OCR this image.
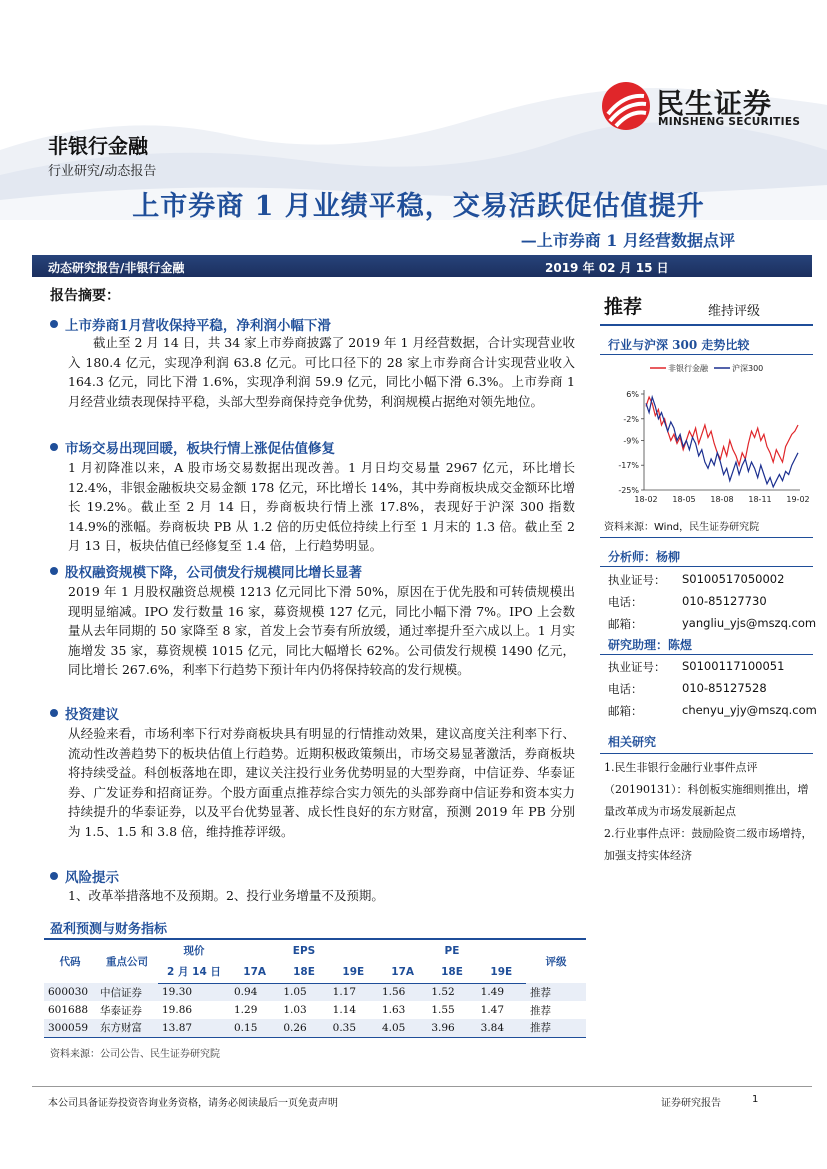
民生证券
MINSHENG SECURITIES
非银行金融
行业研究/动态报告
上市券商 1 月业绩平稳，交易活跃促估值提升
—上市券商 1 月经营数据点评
动态研究报告/非银行金融	2019 年 02 月 15 日
报告摘要：
上市券商1月营收保持平稳，净利润小幅下滑
截止至 2 月 14 日，共 34 家上市券商披露了 2019 年 1 月经营数据，合计实现营业收入 180.4 亿元，实现净利润 63.8 亿元。可比口径下的 28 家上市券商合计实现营业收入 164.3 亿元，同比下滑 1.6%，实现净利润 59.9 亿元，同比小幅下滑 6.3%。上市券商 1 月经营业绩表现保持平稳，头部大型券商保持竞争优势，利润规模占据绝对领先地位。
市场交易出现回暖，板块行情上涨促估值修复
1 月初降准以来，A 股市场交易数据出现改善。1 月日均交易量 2967 亿元，环比增长 12.4%，非银金融板块交易金额 178 亿元，环比增长 14%，其中券商板块成交金额环比增长 19.2%。截止至 2 月 14 日，券商板块行情上涨 17.8%，表现好于沪深 300 指数 14.9%的涨幅。券商板块 PB 从 1.2 倍的历史低位持续上行至 1 月末的 1.3 倍。截止至 2 月 13 日，板块估值已经修复至 1.4 倍，上行趋势明显。
股权融资规模下降，公司债发行规模同比增长显著
2019 年 1 月股权融资总规模 1213 亿元同比下滑 50%，原因在于优先股和可转债规模出现明显缩减。IPO 发行数量 16 家，募资规模 127 亿元，同比小幅下滑 7%。IPO 上会数量从去年同期的 50 家降至 8 家，首发上会节奏有所放缓，通过率提升至六成以上。1 月实施增发 35 家，募资规模 1015 亿元，同比大幅增长 62%。公司债发行规模 1490 亿元，同比增长 267.6%，利率下行趋势下预计年内仍将保持较高的发行规模。
投资建议
从经验来看，市场利率下行对券商板块具有明显的行情推动效果，建议高度关注利率下行、流动性改善趋势下的板块估值上行趋势。近期积极政策频出，市场交易显著激活，券商板块将持续受益。科创板落地在即，建议关注投行业务优势明显的大型券商，中信证券、华泰证券、广发证券和招商证券。个股方面重点推荐综合实力领先的头部券商中信证券和资本实力持续提升的华泰证券，以及平台优势显著、成长性良好的东方财富，预测 2019 年 PB 分别为 1.5、1.5 和 3.8 倍，维持推荐评级。
风险提示
1、改革举措落地不及预期。2、投行业务增量不及预期。
推荐	维持评级
行业与沪深 300 走势比较
非银行金融	沪深300
6%
-2%
-9%
-17%
-25%
18-02 18-05 18-08 18-11 19-02
资料来源：Wind，民生证券研究院
分析师：杨柳
执业证号： S0100517050002
电话：	010-85127730
邮箱：	yangliu_yjs@mszq.com
研究助理：陈煜
执业证号： S0100117100051
电话：	010-85127528
邮箱：	chenyu_yjy@mszq.com
相关研究
1.民生非银行金融行业事件点评（20190131）：科创板实施细则推出，增量改革成为市场发展新起点
2.行业事件点评：鼓励险资二级市场增持，加强支持实体经济
盈利预测与财务指标
代码	重点公司	现价	EPS			PE			评级
		2 月 14 日	17A	18E	19E	17A	18E	19E	
600030	中信证券	19.30	0.94	1.05	1.17	1.56	1.52	1.49	推荐
601688	华泰证券	19.86	1.29	1.03	1.14	1.63	1.55	1.47	推荐
300059	东方财富	13.87	0.15	0.26	0.35	4.05	3.96	3.84	推荐
资料来源：公司公告、民生证券研究院
本公司具备证券投资咨询业务资格，请务必阅读最后一页免责声明	证券研究报告	1
